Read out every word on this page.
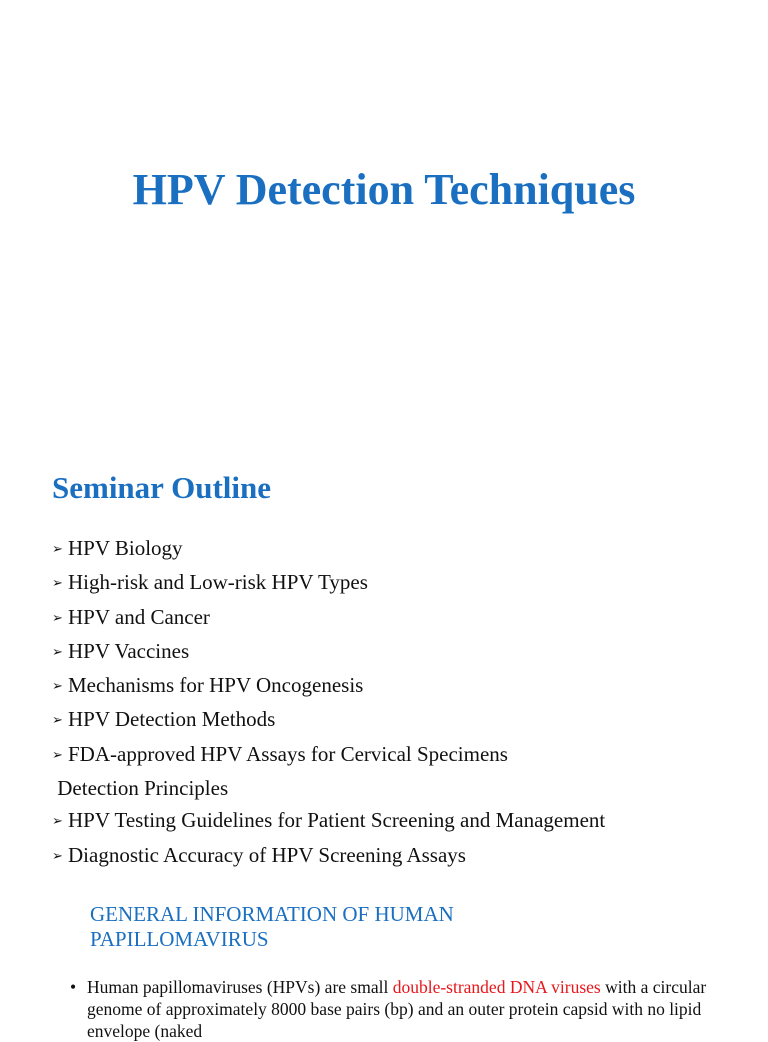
HPV Detection Techniques
Seminar Outline
➢ HPV Biology
➢ High-risk and Low-risk HPV Types
➢ HPV and Cancer
➢ HPV Vaccines
➢ Mechanisms for HPV Oncogenesis
➢ HPV Detection Methods
➢ FDA-approved HPV Assays for Cervical Specimens
Detection Principles
➢ HPV Testing Guidelines for Patient Screening and Management
➢ Diagnostic Accuracy of HPV Screening Assays
GENERAL INFORMATION OF HUMAN PAPILLOMAVIRUS
• Human papillomaviruses (HPVs) are small double-stranded DNA viruses with a circular genome of approximately 8000 base pairs (bp) and an outer protein capsid with no lipid envelope (naked
